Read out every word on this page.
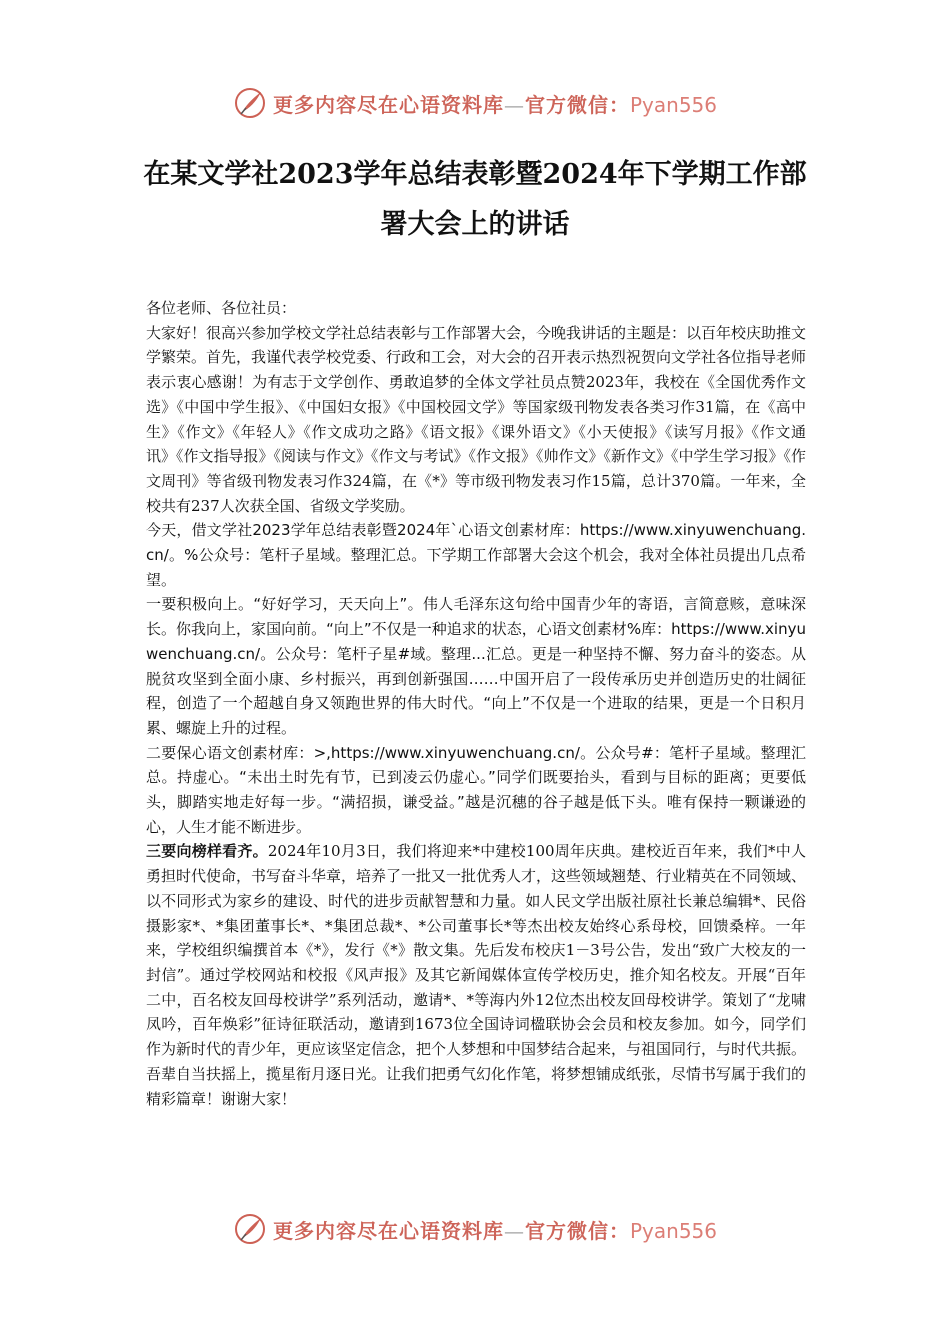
更多内容尽在心语资料库—官方微信：Pyan556
在某文学社2023学年总结表彰暨2024年下学期工作部署大会上的讲话

各位老师、各位社员：

大家好！很高兴参加学校文学社总结表彰与工作部署大会，今晚我讲话的主题是：以百年校庆助推文学繁荣。首先，我谨代表学校党委、行政和工会，对大会的召开表示热烈祝贺向文学社各位指导老师表示衷心感谢！为有志于文学创作、勇敢追梦的全体文学社员点赞2023年，我校在《全国优秀作文选》《中国中学生报》、《中国妇女报》《中国校园文学》等国家级刊物发表各类习作31篇，在《高中生》《作文》《年轻人》《作文成功之路》《语文报》《课外语文》《小天使报》《读写月报》《作文通讯》《作文指导报》《阅读与作文》《作文与考试》《作文报》《帅作文》《新作文》《中学生学习报》《作文周刊》等省级刊物发表习作324篇，在《*》等市级刊物发表习作15篇，总计370篇。一年来，全校共有237人次获全国、省级文学奖励。

今天，借文学社2023学年总结表彰暨2024年`心语文创素材库：https://www.xinyuwenchuang.cn/。%公众号：笔杆子星域。整理汇总。下学期工作部署大会这个机会，我对全体社员提出几点希望。

一要积极向上。“好好学习，天天向上”。伟人毛泽东这句给中国青少年的寄语，言简意赅，意味深长。你我向上，家国向前。“向上”不仅是一种追求的状态，心语文创素材%库：https://www.xinyuwenchuang.cn/。公众号：笔杆子星#域。整理...汇总。更是一种坚持不懈、努力奋斗的姿态。从脱贫攻坚到全面小康、乡村振兴，再到创新强国……中国开启了一段传承历史并创造历史的壮阔征程，创造了一个超越自身又领跑世界的伟大时代。“向上”不仅是一个进取的结果，更是一个日积月累、螺旋上升的过程。

二要保心语文创素材库：>,https://www.xinyuwenchuang.cn/。公众号#：笔杆子星域。整理汇总。持虚心。“未出土时先有节，已到凌云仍虚心。”同学们既要抬头，看到与目标的距离；更要低头，脚踏实地走好每一步。“满招损，谦受益。”越是沉穗的谷子越是低下头。唯有保持一颗谦逊的心，人生才能不断进步。

三要向榜样看齐。2024年10月3日，我们将迎来*中建校100周年庆典。建校近百年来，我们*中人勇担时代使命，书写奋斗华章，培养了一批又一批优秀人才，这些领域翘楚、行业精英在不同领域、以不同形式为家乡的建设、时代的进步贡献智慧和力量。如人民文学出版社原社长兼总编辑*、民俗摄影家*、*集团董事长*、*集团总裁*、*公司董事长*等杰出校友始终心系母校，回馈桑梓。一年来，学校组织编撰首本《*》，发行《*》散文集。先后发布校庆1－3号公告，发出“致广大校友的一封信”。通过学校网站和校报《风声报》及其它新闻媒体宣传学校历史，推介知名校友。开展“百年二中，百名校友回母校讲学”系列活动，邀请*、*等海内外12位杰出校友回母校讲学。策划了“龙啸凤吟，百年焕彩”征诗征联活动，邀请到1673位全国诗词楹联协会会员和校友参加。如今，同学们作为新时代的青少年，更应该坚定信念，把个人梦想和中国梦结合起来，与祖国同行，与时代共振。

吾辈自当扶摇上，揽星衔月逐日光。让我们把勇气幻化作笔，将梦想铺成纸张，尽情书写属于我们的精彩篇章！谢谢大家！

更多内容尽在心语资料库—官方微信：Pyan556
